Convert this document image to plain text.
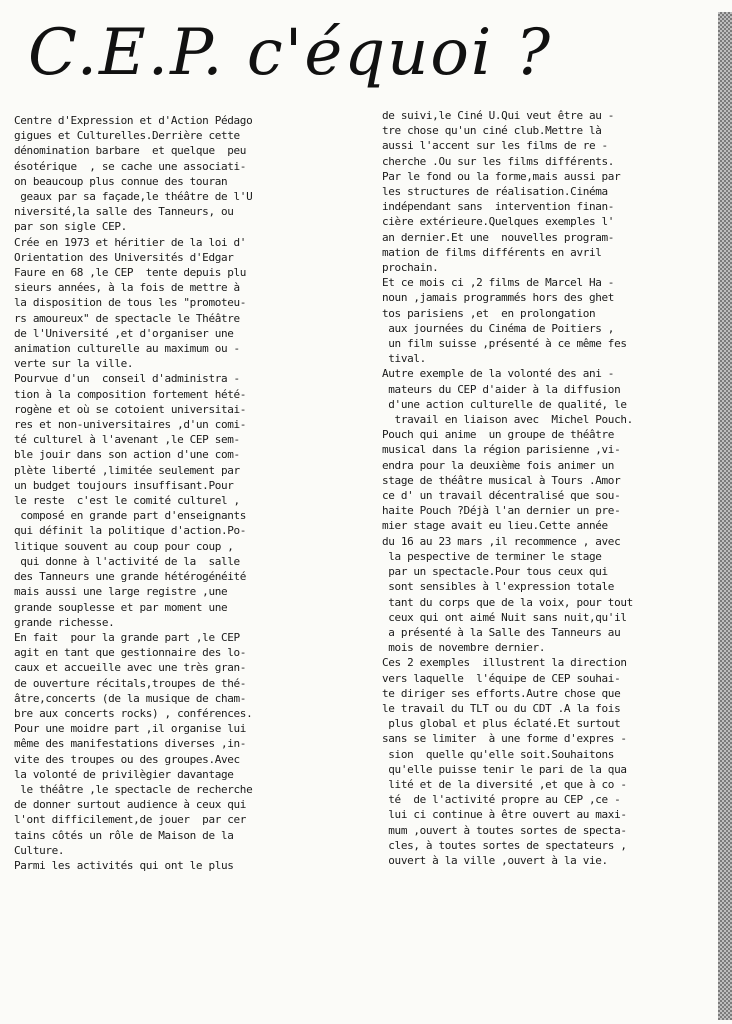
C.E.P. c'équoi ?
Centre d'Expression et d'Action Pédago
gigues et Culturelles.Derrière cette
dénomination barbare  et quelque  peu
ésotérique  , se cache une associati-
on beaucoup plus connue des touran
geaux par sa façade,le théâtre de l'U
niversité,la salle des Tanneurs, ou
par son sigle CEP.
Crée en 1973 et héritier de la loi d'
Orientation des Universités d'Edgar
Faure en 68 ,le CEP  tente depuis plu
sieurs années, à la fois de mettre à
la disposition de tous les "promoteu-
rs amoureux" de spectacle le Théâtre
de l'Université ,et d'organiser une
animation culturelle au maximum ou -
verte sur la ville.
Pourvue d'un  conseil d'administra -
tion à la composition fortement hété-
rogène et où se cotoient universitai-
res et non-universitaires ,d'un comi-
té culturel à l'avenant ,le CEP sem-
ble jouir dans son action d'une com-
plète liberté ,limitée seulement par
un budget toujours insuffisant.Pour
le reste  c'est le comité culturel ,
composé en grande part d'enseignants
qui définit la politique d'action.Po-
litique souvent au coup pour coup ,
qui donne à l'activité de la  salle
des Tanneurs une grande hétérogénéité
mais aussi une large registre ,une
grande souplesse et par moment une
grande richesse.
En fait  pour la grande part ,le CEP
agit en tant que gestionnaire des lo-
caux et accueille avec une très gran-
de ouverture récitals,troupes de thé-
âtre,concerts (de la musique de cham-
bre aux concerts rocks) , conférences.
Pour une moidre part ,il organise lui
même des manifestations diverses ,in-
vite des troupes ou des groupes.Avec
la volonté de privilègier davantage
le théâtre ,le spectacle de recherche
de donner surtout audience à ceux qui
l'ont difficilement,de jouer  par cer
tains côtés un rôle de Maison de la
Culture.
Parmi les activités qui ont le plus
de suivi,le Ciné U.Qui veut être au -
tre chose qu'un ciné club.Mettre là
aussi l'accent sur les films de re -
cherche .Ou sur les films différents.
Par le fond ou la forme,mais aussi par
les structures de réalisation.Cinéma
indépendant sans  intervention finan-
cière extérieure.Quelques exemples l'
an dernier.Et une  nouvelles program-
mation de films différents en avril
prochain.
Et ce mois ci ,2 films de Marcel Ha -
noun ,jamais programmés hors des ghet
tos parisiens ,et  en prolongation
aux journées du Cinéma de Poitiers ,
un film suisse ,présenté à ce même fes
tival.
Autre exemple de la volonté des ani -
mateurs du CEP d'aider à la diffusion
d'une action culturelle de qualité, le
travail en liaison avec  Michel Pouch.
Pouch qui anime  un groupe de théâtre
musical dans la région parisienne ,vi-
endra pour la deuxième fois animer un
stage de théâtre musical à Tours .Amor
ce d' un travail décentralisé que sou-
haite Pouch ?Déjà l'an dernier un pre-
mier stage avait eu lieu.Cette année
du 16 au 23 mars ,il recommence , avec
la pespective de terminer le stage
par un spectacle.Pour tous ceux qui
sont sensibles à l'expression totale
tant du corps que de la voix, pour tout
ceux qui ont aimé Nuit sans nuit,qu'il
a présenté à la Salle des Tanneurs au
mois de novembre dernier.
Ces 2 exemples  illustrent la direction
vers laquelle  l'équipe de CEP souhai-
te diriger ses efforts.Autre chose que
le travail du TLT ou du CDT .A la fois
plus global et plus éclaté.Et surtout
sans se limiter  à une forme d'expres -
sion  quelle qu'elle soit.Souhaitons
qu'elle puisse tenir le pari de la qua
lité et de la diversité ,et que à co -
té  de l'activité propre au CEP ,ce -
lui ci continue à être ouvert au maxi-
mum ,ouvert à toutes sortes de specta-
cles, à toutes sortes de spectateurs ,
ouvert à la ville ,ouvert à la vie.
